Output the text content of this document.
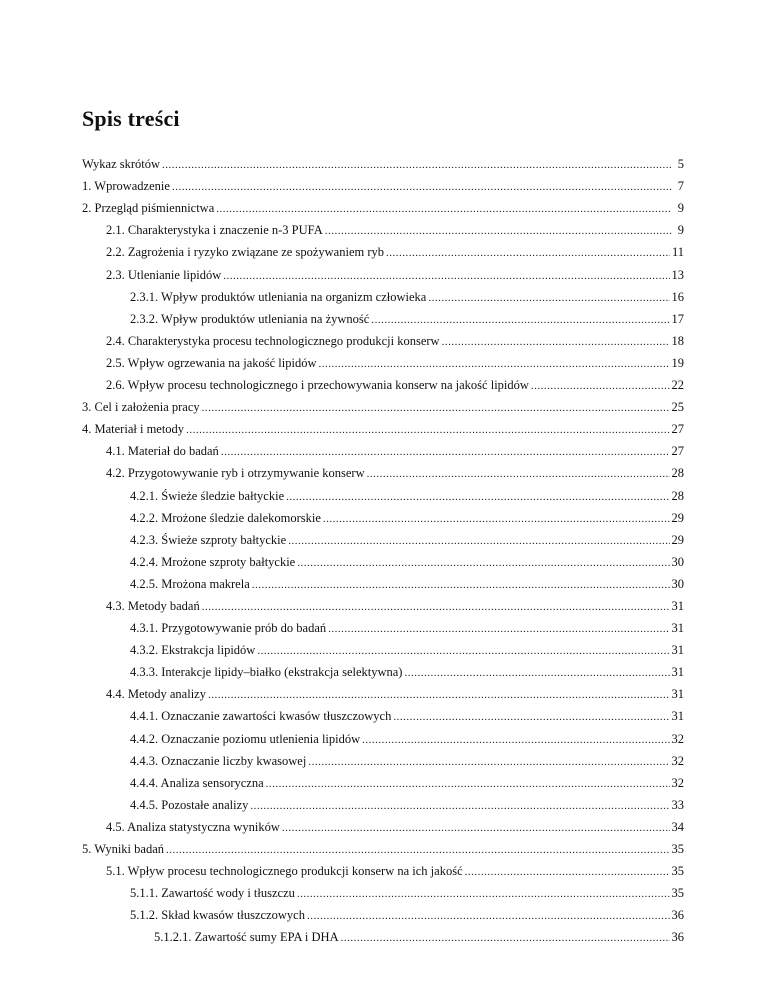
Spis treści
Wykaz skrótów .....	5
1. Wprowadzenie .....	7
2. Przegląd piśmiennictwa .....	9
2.1. Charakterystyka i znaczenie n-3 PUFA .....	9
2.2. Zagrożenia i ryzyko związane ze spożywaniem ryb .....	11
2.3. Utlenianie lipidów .....	13
2.3.1. Wpływ produktów utleniania na organizm człowieka .....	16
2.3.2. Wpływ produktów utleniania na żywność .....	17
2.4. Charakterystyka procesu technologicznego produkcji konserw .....	18
2.5. Wpływ ogrzewania na jakość lipidów .....	19
2.6. Wpływ procesu technologicznego i przechowywania konserw na jakość lipidów .....	22
3. Cel i założenia pracy .....	25
4. Materiał i metody .....	27
4.1. Materiał do badań .....	27
4.2. Przygotowywanie ryb i otrzymywanie konserw .....	28
4.2.1. Świeże śledzie bałtyckie .....	28
4.2.2. Mrożone śledzie dalekomorskie .....	29
4.2.3. Świeże szproty bałtyckie .....	29
4.2.4. Mrożone szproty bałtyckie .....	30
4.2.5. Mrożona makrela .....	30
4.3. Metody badań .....	31
4.3.1. Przygotowywanie prób do badań .....	31
4.3.2. Ekstrakcja lipidów .....	31
4.3.3. Interakcje lipidy–białko (ekstrakcja selektywna) .....	31
4.4. Metody analizy .....	31
4.4.1. Oznaczanie zawartości kwasów tłuszczowych .....	31
4.4.2. Oznaczanie poziomu utlenienia lipidów .....	32
4.4.3. Oznaczanie liczby kwasowej .....	32
4.4.4. Analiza sensoryczna .....	32
4.4.5. Pozostałe analizy .....	33
4.5. Analiza statystyczna wyników .....	34
5. Wyniki badań .....	35
5.1. Wpływ procesu technologicznego produkcji konserw na ich jakość .....	35
5.1.1. Zawartość wody i tłuszczu .....	35
5.1.2. Skład kwasów tłuszczowych .....	36
5.1.2.1. Zawartość sumy EPA i DHA .....	36
